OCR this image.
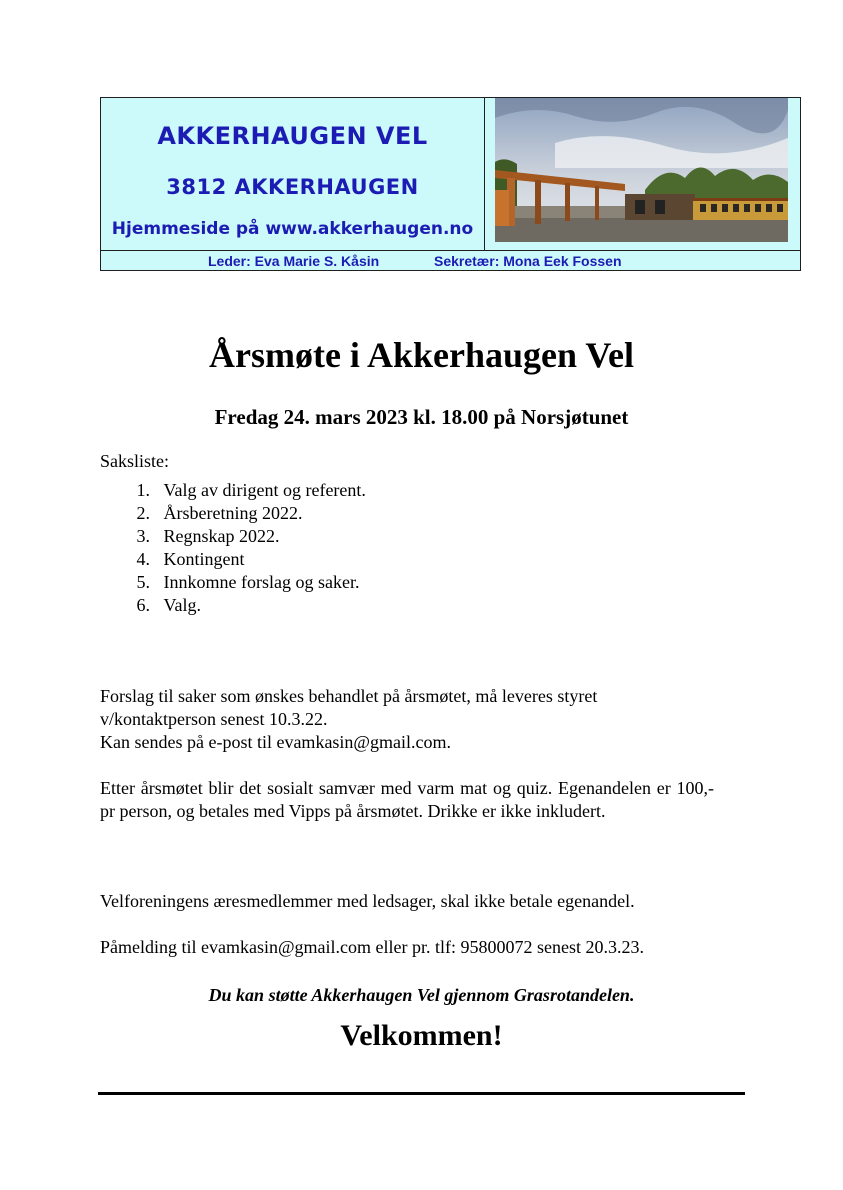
AKKERHAUGEN VEL
3812 AKKERHAUGEN
Hjemmeside på www.akkerhaugen.no
Leder: Eva Marie S. Kåsin	Sekretær: Mona Eek Fossen
Årsmøte i Akkerhaugen Vel
Fredag 24. mars 2023 kl. 18.00 på Norsjøtunet
Saksliste:
1. Valg av dirigent og referent.
2. Årsberetning 2022.
3. Regnskap 2022.
4. Kontingent
5. Innkomne forslag og saker.
6. Valg.
Forslag til saker som ønskes behandlet på årsmøtet, må leveres styret
v/kontaktperson senest 10.3.22.
Kan sendes på e-post til evamkasin@gmail.com.
Etter årsmøtet blir det sosialt samvær med varm mat og quiz. Egenandelen er 100,- pr person, og betales med Vipps på årsmøtet. Drikke er ikke inkludert.
Velforeningens æresmedlemmer med ledsager, skal ikke betale egenandel.
Påmelding til evamkasin@gmail.com eller pr. tlf: 95800072 senest 20.3.23.
Du kan støtte Akkerhaugen Vel gjennom Grasrotandelen.
Velkommen!
